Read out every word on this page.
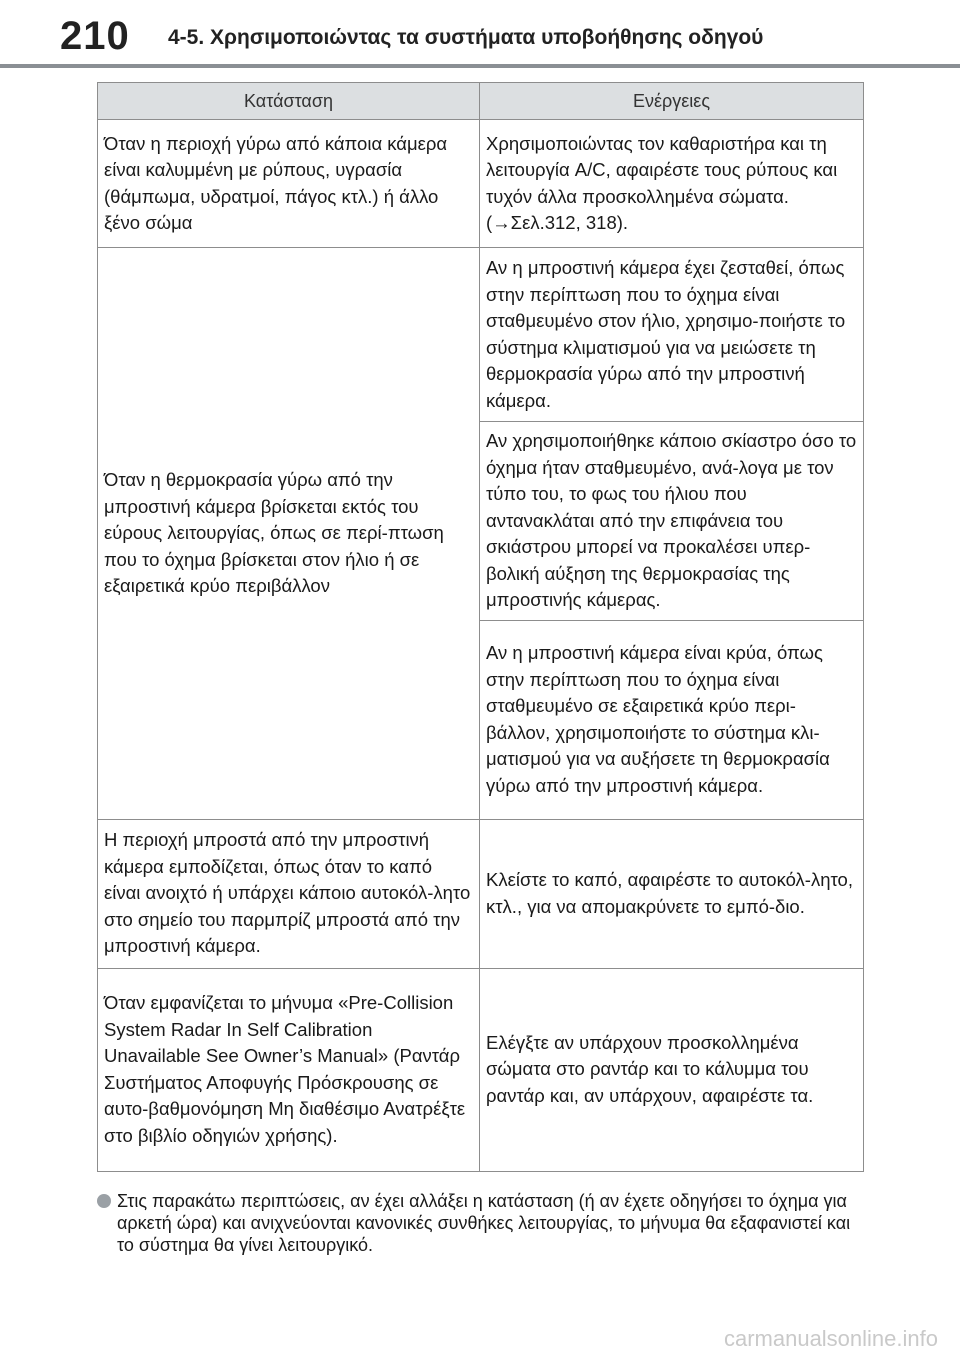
210 4-5. Χρησιμοποιώντας τα συστήματα υποβοήθησης οδηγού
Κατάσταση	Ενέργειες
Όταν η περιοχή γύρω από κάποια κάμερα είναι καλυμμένη με ρύπους, υγρασία (θάμπωμα, υδρατμοί, πάγος κτλ.) ή άλλο ξένο σώμα	Χρησιμοποιώντας τον καθαριστήρα και τη λειτουργία A/C, αφαιρέστε τους ρύπους και τυχόν άλλα προσκολλημένα σώματα. (→Σελ.312, 318).
Όταν η θερμοκρασία γύρω από την μπροστινή κάμερα βρίσκεται εκτός του εύρους λειτουργίας, όπως σε περί-πτωση που το όχημα βρίσκεται στον ήλιο ή σε εξαιρετικά κρύο περιβάλλον	Αν η μπροστινή κάμερα έχει ζεσταθεί, όπως στην περίπτωση που το όχημα είναι σταθμευμένο στον ήλιο, χρησιμο-ποιήστε το σύστημα κλιματισμού για να μειώσετε τη θερμοκρασία γύρω από την μπροστινή κάμερα.
	Αν χρησιμοποιήθηκε κάποιο σκίαστρο όσο το όχημα ήταν σταθμευμένο, ανά-λογα με τον τύπο του, το φως του ήλιου που αντανακλάται από την επιφάνεια του σκιάστρου μπορεί να προκαλέσει υπερ-βολική αύξηση της θερμοκρασίας της μπροστινής κάμερας.
	Αν η μπροστινή κάμερα είναι κρύα, όπως στην περίπτωση που το όχημα είναι σταθμευμένο σε εξαιρετικά κρύο περι-βάλλον, χρησιμοποιήστε το σύστημα κλι-ματισμού για να αυξήσετε τη θερμοκρασία γύρω από την μπροστινή κάμερα.
Η περιοχή μπροστά από την μπροστινή κάμερα εμποδίζεται, όπως όταν το καπό είναι ανοιχτό ή υπάρχει κάποιο αυτοκόλ-λητο στο σημείο του παρμπρίζ μπροστά από την μπροστινή κάμερα.	Κλείστε το καπό, αφαιρέστε το αυτοκόλ-λητο, κτλ., για να απομακρύνετε το εμπό-διο.
Όταν εμφανίζεται το μήνυμα «Pre-Collision System Radar In Self Calibration Unavailable See Owner’s Manual» (Ραντάρ Συστήματος Αποφυγής Πρόσκρουσης σε αυτο-βαθμονόμηση Μη διαθέσιμο Ανατρέξτε στο βιβλίο οδηγιών χρήσης).	Ελέγξτε αν υπάρχουν προσκολλημένα σώματα στο ραντάρ και το κάλυμμα του ραντάρ και, αν υπάρχουν, αφαιρέστε τα.
Στις παρακάτω περιπτώσεις, αν έχει αλλάξει η κατάσταση (ή αν έχετε οδηγήσει το όχημα για αρκετή ώρα) και ανιχνεύονται κανονικές συνθήκες λειτουργίας, το μήνυμα θα εξαφανιστεί και το σύστημα θα γίνει λειτουργικό.
carmanualsonline.info
